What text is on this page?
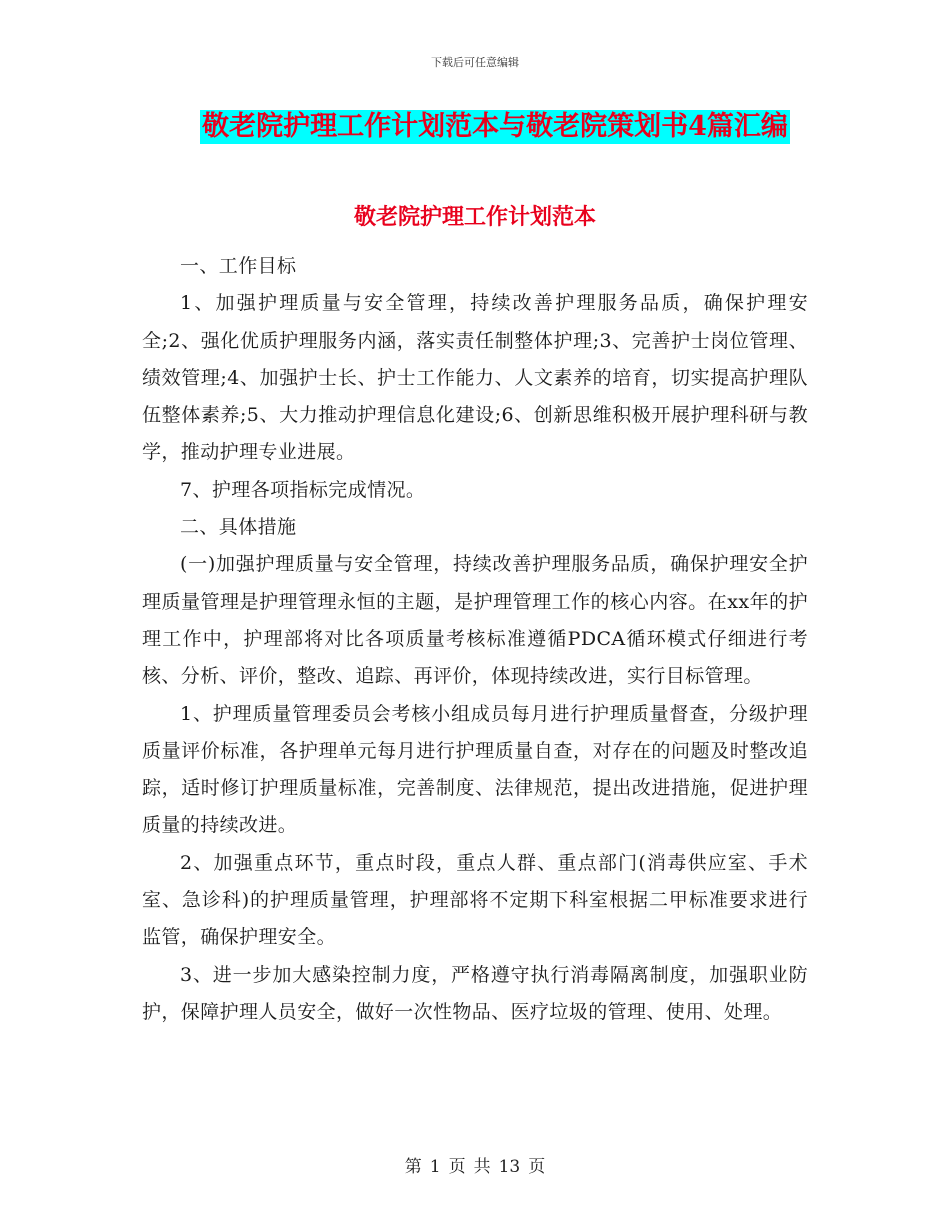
下载后可任意编辑
敬老院护理工作计划范本与敬老院策划书4篇汇编
敬老院护理工作计划范本

一、工作目标

1、加强护理质量与安全管理，持续改善护理服务品质，确保护理安全;2、强化优质护理服务内涵，落实责任制整体护理;3、完善护士岗位管理、绩效管理;4、加强护士长、护士工作能力、人文素养的培育，切实提高护理队伍整体素养;5、大力推动护理信息化建设;6、创新思维积极开展护理科研与教学，推动护理专业进展。

7、护理各项指标完成情况。

二、具体措施

(一)加强护理质量与安全管理，持续改善护理服务品质，确保护理安全护理质量管理是护理管理永恒的主题，是护理管理工作的核心内容。在xx年的护理工作中，护理部将对比各项质量考核标准遵循PDCA循环模式仔细进行考核、分析、评价，整改、追踪、再评价，体现持续改进，实行目标管理。

1、护理质量管理委员会考核小组成员每月进行护理质量督查，分级护理质量评价标准，各护理单元每月进行护理质量自查，对存在的问题及时整改追踪，适时修订护理质量标准，完善制度、法律规范，提出改进措施，促进护理质量的持续改进。

2、加强重点环节，重点时段，重点人群、重点部门(消毒供应室、手术室、急诊科)的护理质量管理，护理部将不定期下科室根据二甲标准要求进行监管，确保护理安全。

3、进一步加大感染控制力度，严格遵守执行消毒隔离制度，加强职业防护，保障护理人员安全，做好一次性物品、医疗垃圾的管理、使用、处理。

第 1 页 共 13 页
